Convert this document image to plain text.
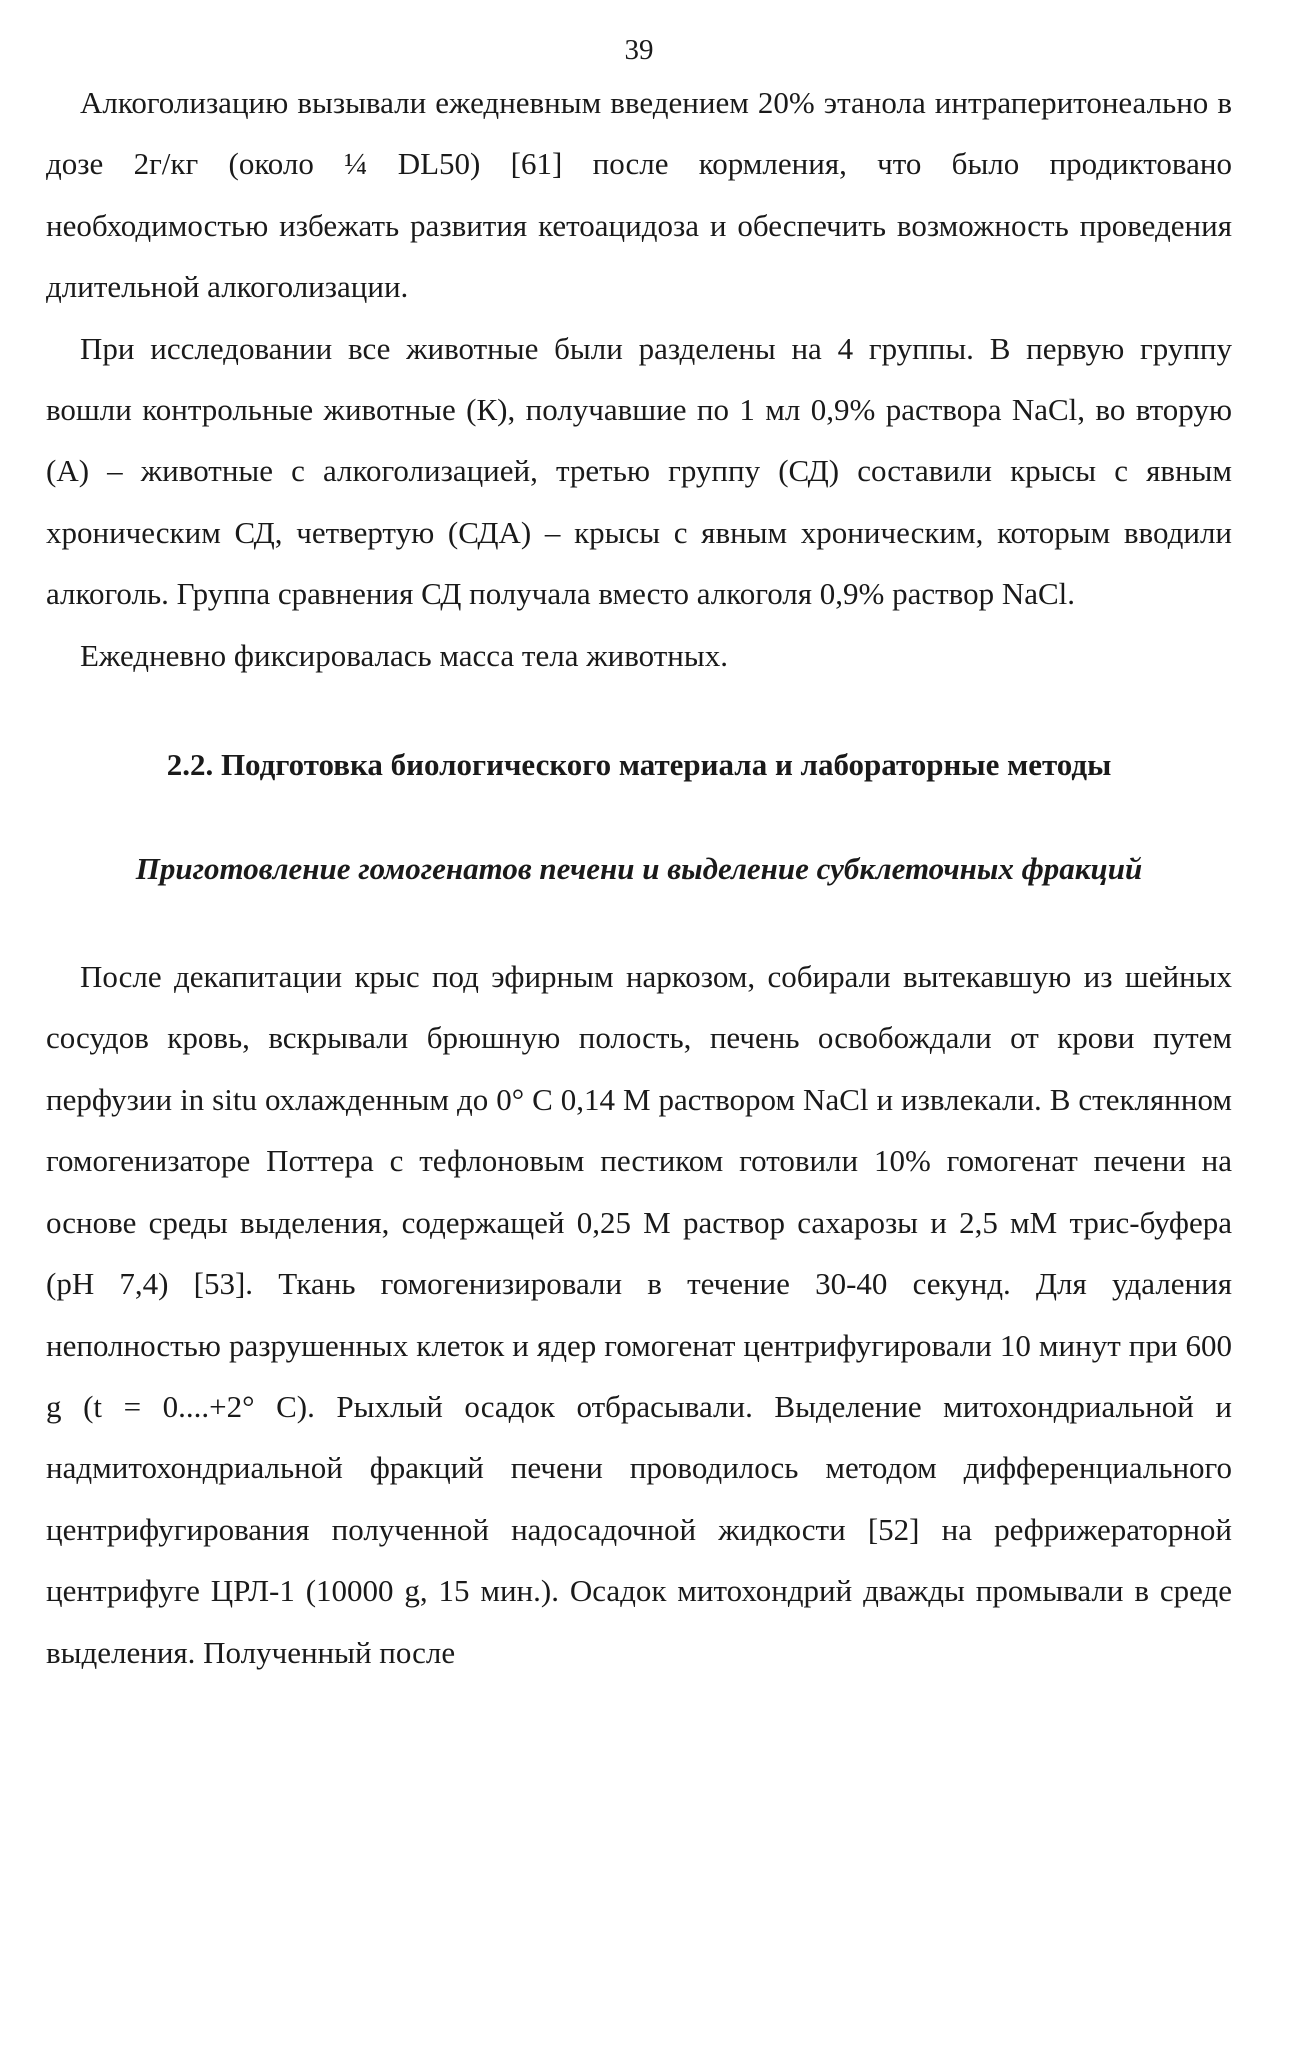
39

Алкоголизацию вызывали ежедневным введением 20% этанола интраперитонеально в дозе 2г/кг (около ¼ DL50) [61] после кормления, что было продиктовано необходимостью избежать развития кетоацидоза и обеспечить возможность проведения длительной алкоголизации.

При исследовании все животные были разделены на 4 группы. В первую группу вошли контрольные животные (К), получавшие по 1 мл 0,9% раствора NaCl, во вторую (А) – животные с алкоголизацией, третью группу (СД) составили крысы с явным хроническим СД, четвертую (СДА) – крысы с явным хроническим, которым вводили алкоголь. Группа сравнения СД получала вместо алкоголя 0,9% раствор NaCl.

Ежедневно фиксировалась масса тела животных.

2.2. Подготовка биологического материала и лабораторные методы
Приготовление гомогенатов печени и выделение субклеточных фракций

После декапитации крыс под эфирным наркозом, собирали вытекавшую из шейных сосудов кровь, вскрывали брюшную полость, печень освобождали от крови путем перфузии in situ охлажденным до 0° С 0,14 М раствором NaCl и извлекали. В стеклянном гомогенизаторе Поттера с тефлоновым пестиком готовили 10% гомогенат печени на основе среды выделения, содержащей 0,25 М раствор сахарозы и 2,5 мМ трис-буфера (рН 7,4) [53]. Ткань гомогенизировали в течение 30-40 секунд. Для удаления неполностью разрушенных клеток и ядер гомогенат центрифугировали 10 минут при 600 g (t = 0....+2° С). Рыхлый осадок отбрасывали. Выделение митохондриальной и надмитохондриальной фракций печени проводилось методом дифференциального центрифугирования полученной надосадочной жидкости [52] на рефрижераторной центрифуге ЦРЛ-1 (10000 g, 15 мин.). Осадок митохондрий дважды промывали в среде выделения. Полученный после
